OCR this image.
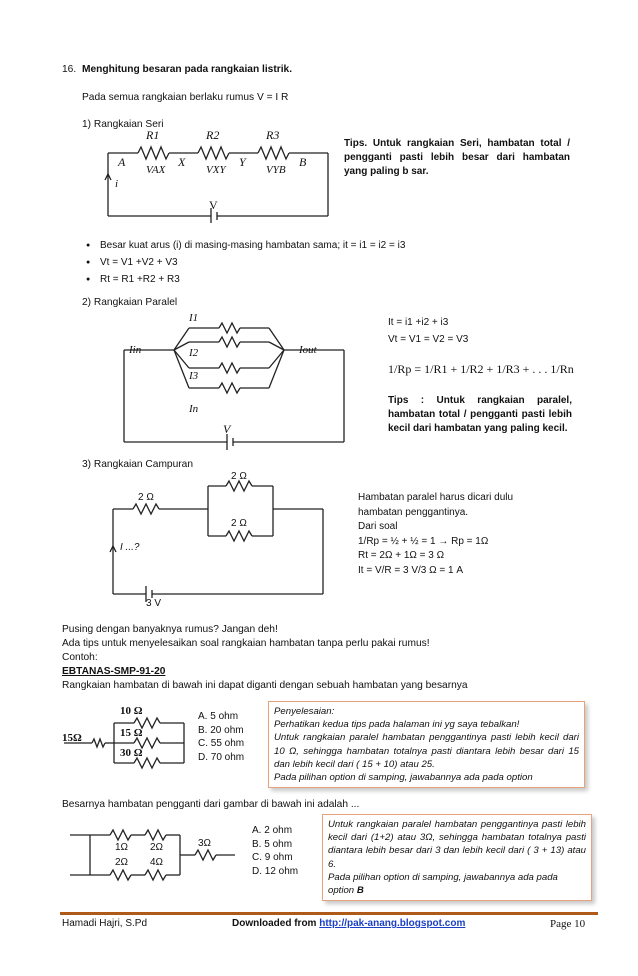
16. Menghitung besaran pada rangkaian listrik.
Pada semua rangkaian berlaku rumus V = I R
1) Rangkaian Seri
R1	R2	R3
A	X	Y	B
VAX	VXY	VYB
i
V
Tips. Untuk rangkaian Seri, hambatan total / pengganti pasti lebih besar dari hambatan yang paling b sar.
● Besar kuat arus (i) di masing-masing hambatan sama; it = i1 = i2 = i3
● Vt = V1 +V2 + V3
● Rt = R1 +R2 + R3
2) Rangkaian Paralel
I1
I2
I3
In
Iin	Iout
V
It = i1 +i2 + i3
Vt = V1 = V2 = V3
1/Rp = 1/R1 + 1/R2 + 1/R3 + . . . 1/Rn
Tips : Untuk rangkaian paralel, hambatan total / pengganti pasti lebih kecil dari hambatan yang paling kecil.
3) Rangkaian Campuran
2 Ω
2 Ω
2 Ω
I ...?
3 V
Hambatan paralel harus dicari dulu
hambatan penggantinya.
Dari soal
1/Rp = ½ + ½ = 1 → Rp = 1Ω
Rt = 2Ω + 1Ω = 3 Ω
It = V/R = 3 V/3 Ω = 1 A
Pusing dengan banyaknya rumus? Jangan deh!
Ada tips untuk menyelesaikan soal rangkaian hambatan tanpa perlu pakai rumus!
Contoh:
EBTANAS-SMP-91-20
Rangkaian hambatan di bawah ini dapat diganti dengan sebuah hambatan yang besarnya
10 Ω
15 Ω
30 Ω
15Ω
A. 5 ohm
B. 20 ohm
C. 55 ohm
D. 70 ohm
Penyelesaian:
Perhatikan kedua tips pada halaman ini yg saya tebalkan!
Untuk rangkaian paralel hambatan penggantinya pasti lebih kecil dari 10 Ω, sehingga hambatan totalnya pasti diantara lebih besar dari 15 dan lebih kecil dari ( 15 + 10) atau 25.
Pada pilihan option di samping, jawabannya ada pada option
Besarnya hambatan pengganti dari gambar di bawah ini adalah ...
1Ω 2Ω
2Ω 4Ω
3Ω
A. 2 ohm
B. 5 ohm
C. 9 ohm
D. 12 ohm
Untuk rangkaian paralel hambatan penggantinya pasti lebih kecil dari (1+2) atau 3Ω, sehingga hambatan totalnya pasti diantara lebih besar dari 3 dan lebih kecil dari ( 3 + 13) atau 6.
Pada pilihan option di samping, jawabannya ada pada option B
Hamadi Hajri, S.Pd	Downloaded from http://pak-anang.blogspot.com	Page 10
